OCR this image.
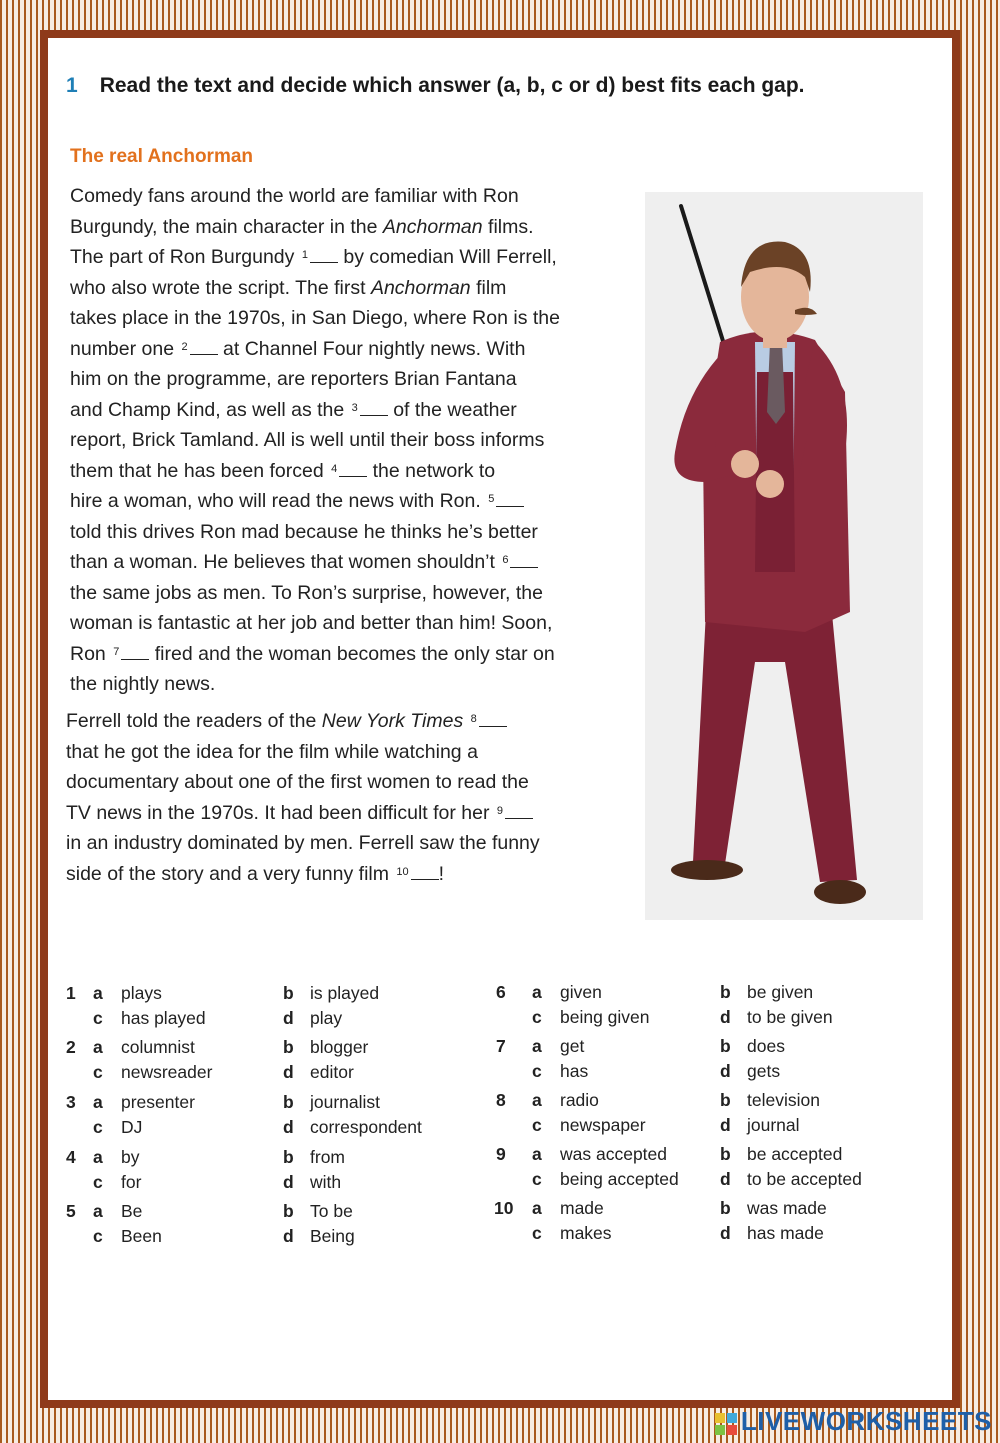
1 Read the text and decide which answer (a, b, c or d) best fits each gap.
The real Anchorman

Comedy fans around the world are familiar with Ron

Burgundy, the main character in the Anchorman films.

The part of Ron Burgundy $^1$ by comedian Will Ferrell,

who also wrote the script. The first Anchorman film

takes place in the 1970s, in San Diego, where Ron is the

number one $^2$ at Channel Four nightly news. With

him on the programme, are reporters Brian Fantana

and Champ Kind, as well as the $^3$ of the weather

report, Brick Tamland. All is well until their boss informs

them that he has been forced $^4$ the network to

hire a woman, who will read the news with Ron. $^5$

told this drives Ron mad because he thinks he’s better

than a woman. He believes that women shouldn’t $^6$

the same jobs as men. To Ron’s surprise, however, the

woman is fantastic at her job and better than him! Soon,

Ron $^7$ fired and the woman becomes the only star on

the nightly news.

Ferrell told the readers of the New York Times $^8$

that he got the idea for the film while watching a

documentary about one of the first women to read the

TV news in the 1970s. It had been difficult for her $^9$

in an industry dominated by men. Ferrell saw the funny

side of the story and a very funny film $^{10}$ !

1 a plays	b is played
c has played	d play
2 a columnist	b blogger
c newsreader	d editor
3 a presenter	b journalist
c DJ	d correspondent
4 a by	b from
c for	d with
5 a Be	b To be
c Been	d Being
6 a given	b be given
c being given	d to be given
7 a get	b does
c has	d gets
8 a radio	b television
c newspaper	d journal
9 a was accepted	b be accepted
c being accepted d to be accepted
10 a made	b was made
c makes	d has made
LIVEWORKSHEETS
